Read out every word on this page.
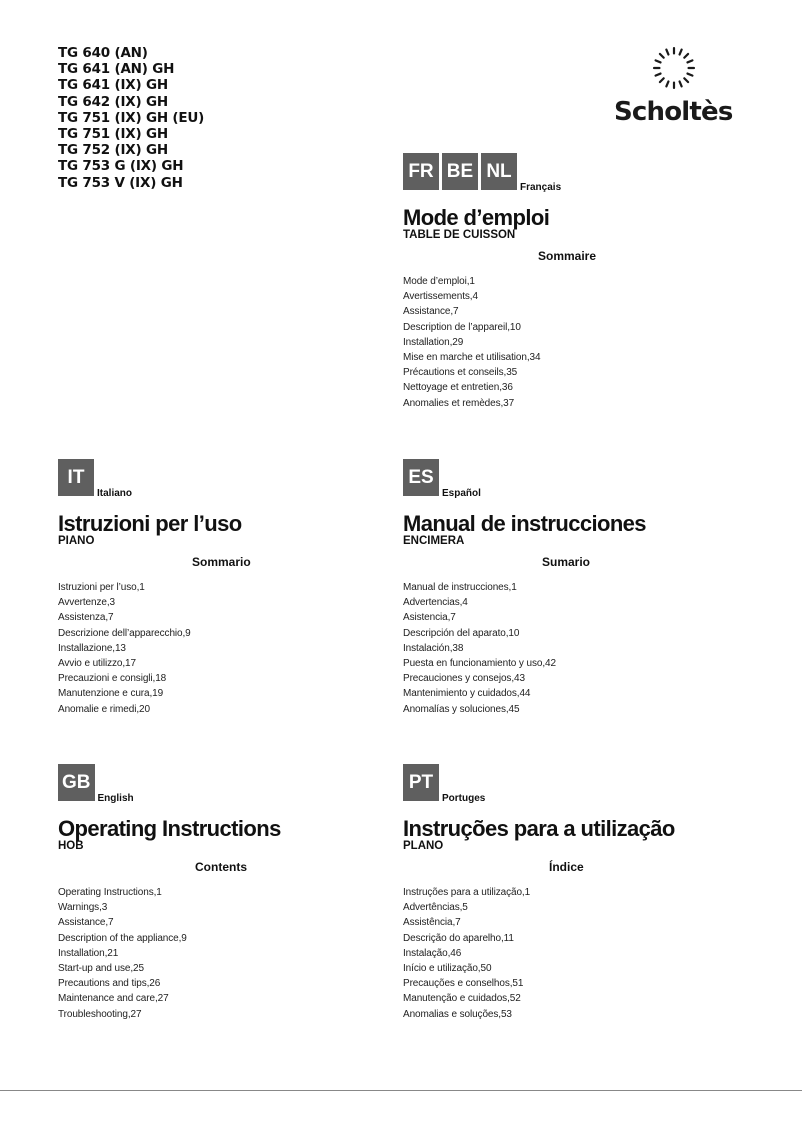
TG 640 (AN)
TG 641 (AN) GH
TG 641 (IX) GH
TG 642 (IX) GH
TG 751 (IX) GH (EU)
TG 751 (IX) GH
TG 752 (IX) GH
TG 753 G (IX) GH
TG 753 V (IX) GH
Scholtès
FR BE NL
Français
Mode d’emploi
TABLE DE CUISSON
Sommaire
Mode d’emploi,1
Avertissements,4
Assistance,7
Description de l’appareil,10
Installation,29
Mise en marche et utilisation,34
Précautions et conseils,35
Nettoyage et entretien,36
Anomalies et remèdes,37
IT
Italiano
Istruzioni per l’uso
PIANO
Sommario
Istruzioni per l’uso,1
Avvertenze,3
Assistenza,7
Descrizione dell’apparecchio,9
Installazione,13
Avvio e utilizzo,17
Precauzioni e consigli,18
Manutenzione e cura,19
Anomalie e rimedi,20
ES
Español
Manual de instrucciones
ENCIMERA
Sumario
Manual de instrucciones,1
Advertencias,4
Asistencia,7
Descripción del aparato,10
Instalación,38
Puesta en funcionamiento y uso,42
Precauciones y consejos,43
Mantenimiento y cuidados,44
Anomalías y soluciones,45
GB
English
Operating Instructions
HOB
Contents
Operating Instructions,1
Warnings,3
Assistance,7
Description of the appliance,9
Installation,21
Start-up and use,25
Precautions and tips,26
Maintenance and care,27
Troubleshooting,27
PT
Portuges
Instruções para a utilização
PLANO
Índice
Instruções para a utilização,1
Advertências,5
Assistência,7
Descrição do aparelho,11
Instalação,46
Início e utilização,50
Precauções e conselhos,51
Manutenção e cuidados,52
Anomalias e soluções,53
